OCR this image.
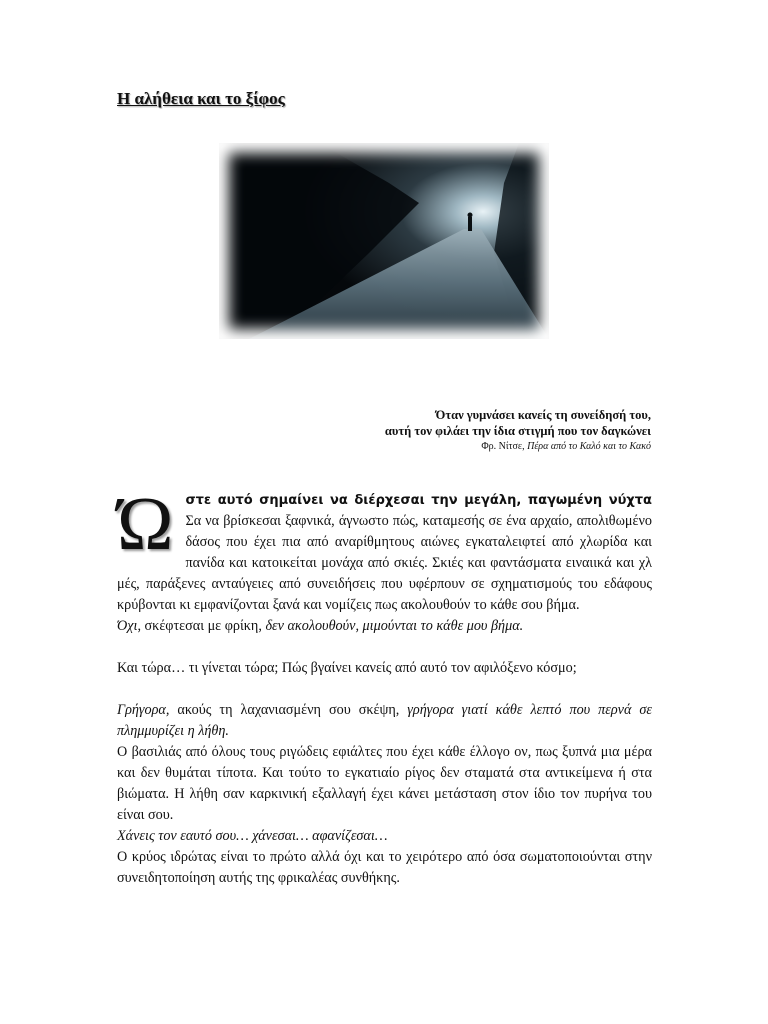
Η αλήθεια και το ξίφος
Όταν γυμνάσει κανείς τη συνείδησή του,
αυτή τον φιλάει την ίδια στιγμή που τον δαγκώνει
Φρ. Νίτσε, Πέρα από το Καλό και το Κακό

Ώστε αυτό σημαίνει να διέρχεσαι την μεγάλη, παγωμένη νύχτα Σα να βρίσκεσαι ξαφνικά, άγνωστο πώς, καταμεσής σε ένα αρχαίο, απολιθωμένο δάσος που έχει πια από αναρίθμητους αιώνες εγκαταλειφτεί από χλωρίδα και πανίδα και κατοικείται μονάχα από σκιές. Σκιές και φαντάσματα ειναιικά και χλ μές, παράξενες ανταύγειες από συνειδήσεις που υφέρπουν σε σχηματισμούς του εδάφους κρύβονται κι εμφανίζονται ξανά και νομίζεις πως ακολουθούν το κάθε σου βήμα.

Όχι, σκέφτεσαι με φρίκη, δεν ακολουθούν, μιμούνται το κάθε μου βήμα.

Και τώρα… τι γίνεται τώρα; Πώς βγαίνει κανείς από αυτό τον αφιλόξενο κόσμο;

Γρήγορα, ακούς τη λαχανιασμένη σου σκέψη, γρήγορα γιατί κάθε λεπτό που περνά σε πλημμυρίζει η λήθη.

Ο βασιλιάς από όλους τους ριγώδεις εφιάλτες που έχει κάθε έλλογο ον, πως ξυπνά μια μέρα και δεν θυμάται τίποτα. Και τούτο το εγκατιαίο ρίγος δεν σταματά στα αντικείμενα ή στα βιώματα. Η λήθη σαν καρκινική εξαλλαγή έχει κάνει μετάσταση στον ίδιο τον πυρήνα του είναι σου.

Χάνεις τον εαυτό σου… χάνεσαι… αφανίζεσαι…

Ο κρύος ιδρώτας είναι το πρώτο αλλά όχι και το χειρότερο από όσα σωματοποιούνται στην συνειδητοποίηση αυτής της φρικαλέας συνθήκης.
